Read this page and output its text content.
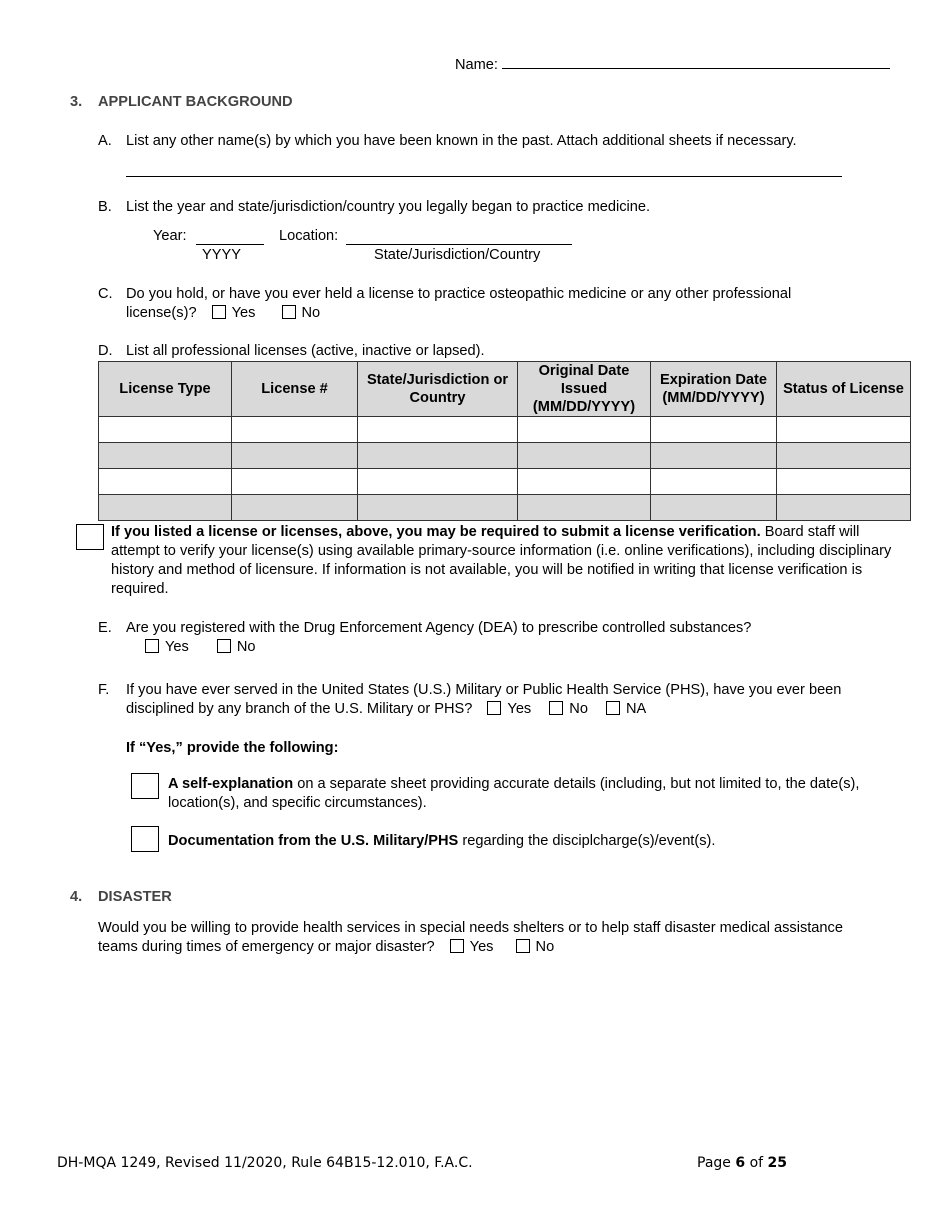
Name:
3. APPLICANT BACKGROUND
A. List any other name(s) by which you have been known in the past. Attach additional sheets if necessary.
B. List the year and state/jurisdiction/country you legally began to practice medicine.
Year:	Location:
YYYY	State/Jurisdiction/Country
C. Do you hold, or have you ever held a license to practice osteopathic medicine or any other professional
license(s)? Yes	No
D. List all professional licenses (active, inactive or lapsed).
License Type	License #	State/Jurisdiction or Country	Original Date Issued (MM/DD/YYYY)	Expiration Date (MM/DD/YYYY)	Status of License

If you listed a license or licenses, above, you may be required to submit a license verification. Board staff will attempt to verify your license(s) using available primary-source information (i.e. online verifications), including disciplinary history and method of licensure. If information is not available, you will be notified in writing that license verification is required.
E. Are you registered with the Drug Enforcement Agency (DEA) to prescribe controlled substances?
Yes	No
F. If you have ever served in the United States (U.S.) Military or Public Health Service (PHS), have you ever been
disciplined by any branch of the U.S. Military or PHS? Yes	No	NA
If “Yes,” provide the following:
A self-explanation on a separate sheet providing accurate details (including, but not limited to, the date(s), location(s), and specific circumstances).
Documentation from the U.S. Military/PHS regarding the disciplcharge(s)/event(s).
4. DISASTER
Would you be willing to provide health services in special needs shelters or to help staff disaster medical assistance
teams during times of emergency or major disaster? Yes	No
DH-MQA 1249, Revised 11/2020, Rule 64B15-12.010, F.A.C.	Page 6 of 25
